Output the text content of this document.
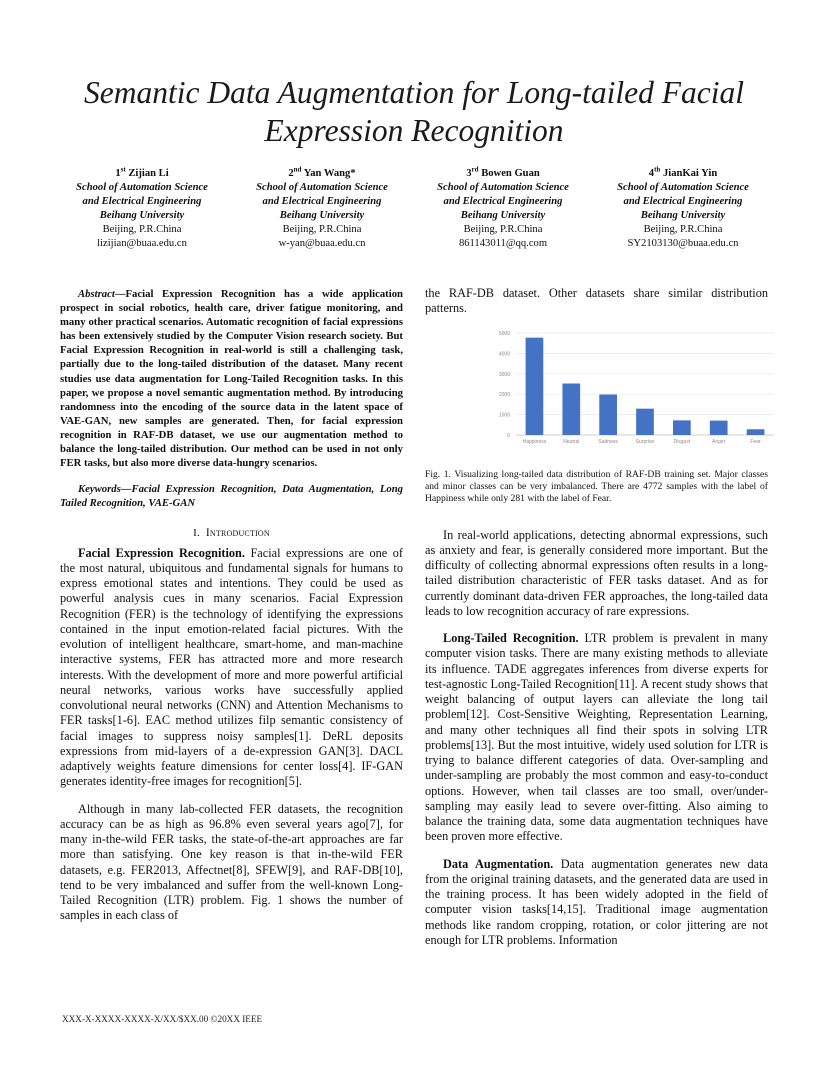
Semantic Data Augmentation for Long-tailed Facial Expression Recognition
1st Zijian Li
School of Automation Science
and Electrical Engineering
Beihang University
Beijing, P.R.China
lizijian@buaa.edu.cn
2nd Yan Wang*
School of Automation Science
and Electrical Engineering
Beihang University
Beijing, P.R.China
w-yan@buaa.edu.cn
3rd Bowen Guan
School of Automation Science
and Electrical Engineering
Beihang University
Beijing, P.R.China
861143011@qq.com
4th JianKai Yin
School of Automation Science
and Electrical Engineering
Beihang University
Beijing, P.R.China
SY2103130@buaa.edu.cn
Abstract—Facial Expression Recognition has a wide application prospect in social robotics, health care, driver fatigue monitoring, and many other practical scenarios. Automatic recognition of facial expressions has been extensively studied by the Computer Vision research society. But Facial Expression Recognition in real-world is still a challenging task, partially due to the long-tailed distribution of the dataset. Many recent studies use data augmentation for Long-Tailed Recognition tasks. In this paper, we propose a novel semantic augmentation method. By introducing randomness into the encoding of the source data in the latent space of VAE-GAN, new samples are generated. Then, for facial expression recognition in RAF-DB dataset, we use our augmentation method to balance the long-tailed distribution. Our method can be used in not only FER tasks, but also more diverse data-hungry scenarios.
Keywords—Facial Expression Recognition, Data Augmentation, Long Tailed Recognition, VAE-GAN
I. Introduction

Facial Expression Recognition. Facial expressions are one of the most natural, ubiquitous and fundamental signals for humans to express emotional states and intentions. They could be used as powerful analysis cues in many scenarios. Facial Expression Recognition (FER) is the technology of identifying the expressions contained in the input emotion-related facial pictures. With the evolution of intelligent healthcare, smart-home, and man-machine interactive systems, FER has attracted more and more research interests. With the development of more and more powerful artificial neural networks, various works have successfully applied convolutional neural networks (CNN) and Attention Mechanisms to FER tasks[1-6]. EAC method utilizes filp semantic consistency of facial images to suppress noisy samples[1]. DeRL deposits expressions from mid-layers of a de-expression GAN[3]. DACL adaptively weights feature dimensions for center loss[4]. IF-GAN generates identity-free images for recognition[5].

Although in many lab-collected FER datasets, the recognition accuracy can be as high as 96.8% even several years ago[7], for many in-the-wild FER tasks, the state-of-the-art approaches are far more than satisfying. One key reason is that in-the-wild FER datasets, e.g. FER2013, Affectnet[8], SFEW[9], and RAF-DB[10], tend to be very imbalanced and suffer from the well-known Long-Tailed Recognition (LTR) problem. Fig. 1 shows the number of samples in each class of

the RAF-DB dataset. Other datasets share similar distribution patterns.

0
1000
2000
3000
4000
5000
Happiness	Neutral	Sadness	Surprise	Disgust	Anger	Fear
Fig. 1. Visualizing long-tailed data distribution of RAF-DB training set. Major classes and minor classes can be very imbalanced. There are 4772 samples with the label of Happiness while only 281 with the label of Fear.

In real-world applications, detecting abnormal expressions, such as anxiety and fear, is generally considered more important. But the difficulty of collecting abnormal expressions often results in a long-tailed distribution characteristic of FER tasks dataset. And as for currently dominant data-driven FER approaches, the long-tailed data leads to low recognition accuracy of rare expressions.

Long-Tailed Recognition. LTR problem is prevalent in many computer vision tasks. There are many existing methods to alleviate its influence. TADE aggregates inferences from diverse experts for test-agnostic Long-Tailed Recognition[11]. A recent study shows that weight balancing of output layers can alleviate the long tail problem[12]. Cost-Sensitive Weighting, Representation Learning, and many other techniques all find their spots in solving LTR problems[13]. But the most intuitive, widely used solution for LTR is trying to balance different categories of data. Over-sampling and under-sampling are probably the most common and easy-to-conduct options. However, when tail classes are too small, over/under-sampling may easily lead to severe over-fitting. Also aiming to balance the training data, some data augmentation techniques have been proven more effective.

Data Augmentation. Data augmentation generates new data from the original training datasets, and the generated data are used in the training process. It has been widely adopted in the field of computer vision tasks[14,15]. Traditional image augmentation methods like random cropping, rotation, or color jittering are not enough for LTR problems. Information

XXX-X-XXXX-XXXX-X/XX/$XX.00 ©20XX IEEE
